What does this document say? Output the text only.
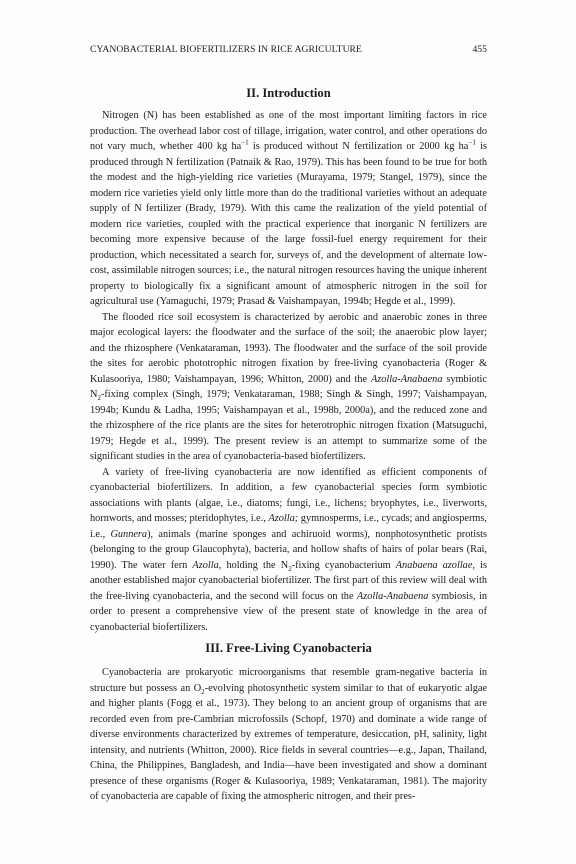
CYANOBACTERIAL BIOFERTILIZERS IN RICE AGRICULTURE	455
II. Introduction

Nitrogen (N) has been established as one of the most important limiting factors in rice production. The overhead labor cost of tillage, irrigation, water control, and other operations do not vary much, whether 400 kg $ha^{-1}$ is produced without N fertilization or 2000 kg $ha^{-1}$ is produced through N fertilization (Patnaik & Rao, 1979). This has been found to be true for both the modest and the high-yielding rice varieties (Murayama, 1979; Stangel, 1979), since the modern rice varieties yield only little more than do the traditional varieties without an adequate supply of N fertilizer (Brady, 1979). With this came the realization of the yield potential of modern rice varieties, coupled with the practical experience that inorganic N fertilizers are becoming more expensive because of the large fossil-fuel energy requirement for their production, which necessitated a search for, surveys of, and the development of alternate low-cost, assimilable nitrogen sources; i.e., the natural nitrogen resources having the unique inherent property to biologically fix a significant amount of atmospheric nitrogen in the soil for agricultural use (Yamaguchi, 1979; Prasad & Vaishampayan, 1994b; Hegde et al., 1999).

The flooded rice soil ecosystem is characterized by aerobic and anaerobic zones in three major ecological layers: the floodwater and the surface of the soil; the anaerobic plow layer; and the rhizosphere (Venkataraman, 1993). The floodwater and the surface of the soil provide the sites for aerobic phototrophic nitrogen fixation by free-living cyanobacteria (Roger & Kulasooriya, 1980; Vaishampayan, 1996; Whitton, 2000) and the Azolla-Anabaena symbiotic $N_2$-fixing complex (Singh, 1979; Venkataraman, 1988; Singh & Singh, 1997; Vaishampayan, 1994b; Kundu & Ladha, 1995; Vaishampayan et al., 1998b, 2000a), and the reduced zone and the rhizosphere of the rice plants are the sites for heterotrophic nitrogen fixation (Matsuguchi, 1979; Hegde et al., 1999). The present review is an attempt to summarize some of the significant studies in the area of cyanobacteria-based biofertilizers.

A variety of free-living cyanobacteria are now identified as efficient components of cyanobacterial biofertilizers. In addition, a few cyanobacterial species form symbiotic associations with plants (algae, i.e., diatoms; fungi, i.e., lichens; bryophytes, i.e., liverworts, hornworts, and mosses; pteridophytes, i.e., Azolla; gymnosperms, i.e., cycads; and angiosperms, i.e., Gunnera), animals (marine sponges and achiruoid worms), nonphotosynthetic protists (belonging to the group Glaucophyta), bacteria, and hollow shafts of hairs of polar bears (Rai, 1990). The water fern Azolla, holding the $N_2$-fixing cyanobacterium Anabaena azollae, is another established major cyanobacterial biofertilizer. The first part of this review will deal with the free-living cyanobacteria, and the second will focus on the Azolla-Anabaena symbiosis, in order to present a comprehensive view of the present state of knowledge in the area of cyanobacterial biofertilizers.

III. Free-Living Cyanobacteria

Cyanobacteria are prokaryotic microorganisms that resemble gram-negative bacteria in structure but possess an $O_2$-evolving photosynthetic system similar to that of eukaryotic algae and higher plants (Fogg et al., 1973). They belong to an ancient group of organisms that are recorded even from pre-Cambrian microfossils (Schopf, 1970) and dominate a wide range of diverse environments characterized by extremes of temperature, desiccation, pH, salinity, light intensity, and nutrients (Whitton, 2000). Rice fields in several countries—e.g., Japan, Thailand, China, the Philippines, Bangladesh, and India—have been investigated and show a dominant presence of these organisms (Roger & Kulasooriya, 1989; Venkataraman, 1981). The majority of cyanobacteria are capable of fixing the atmospheric nitrogen, and their pres-
